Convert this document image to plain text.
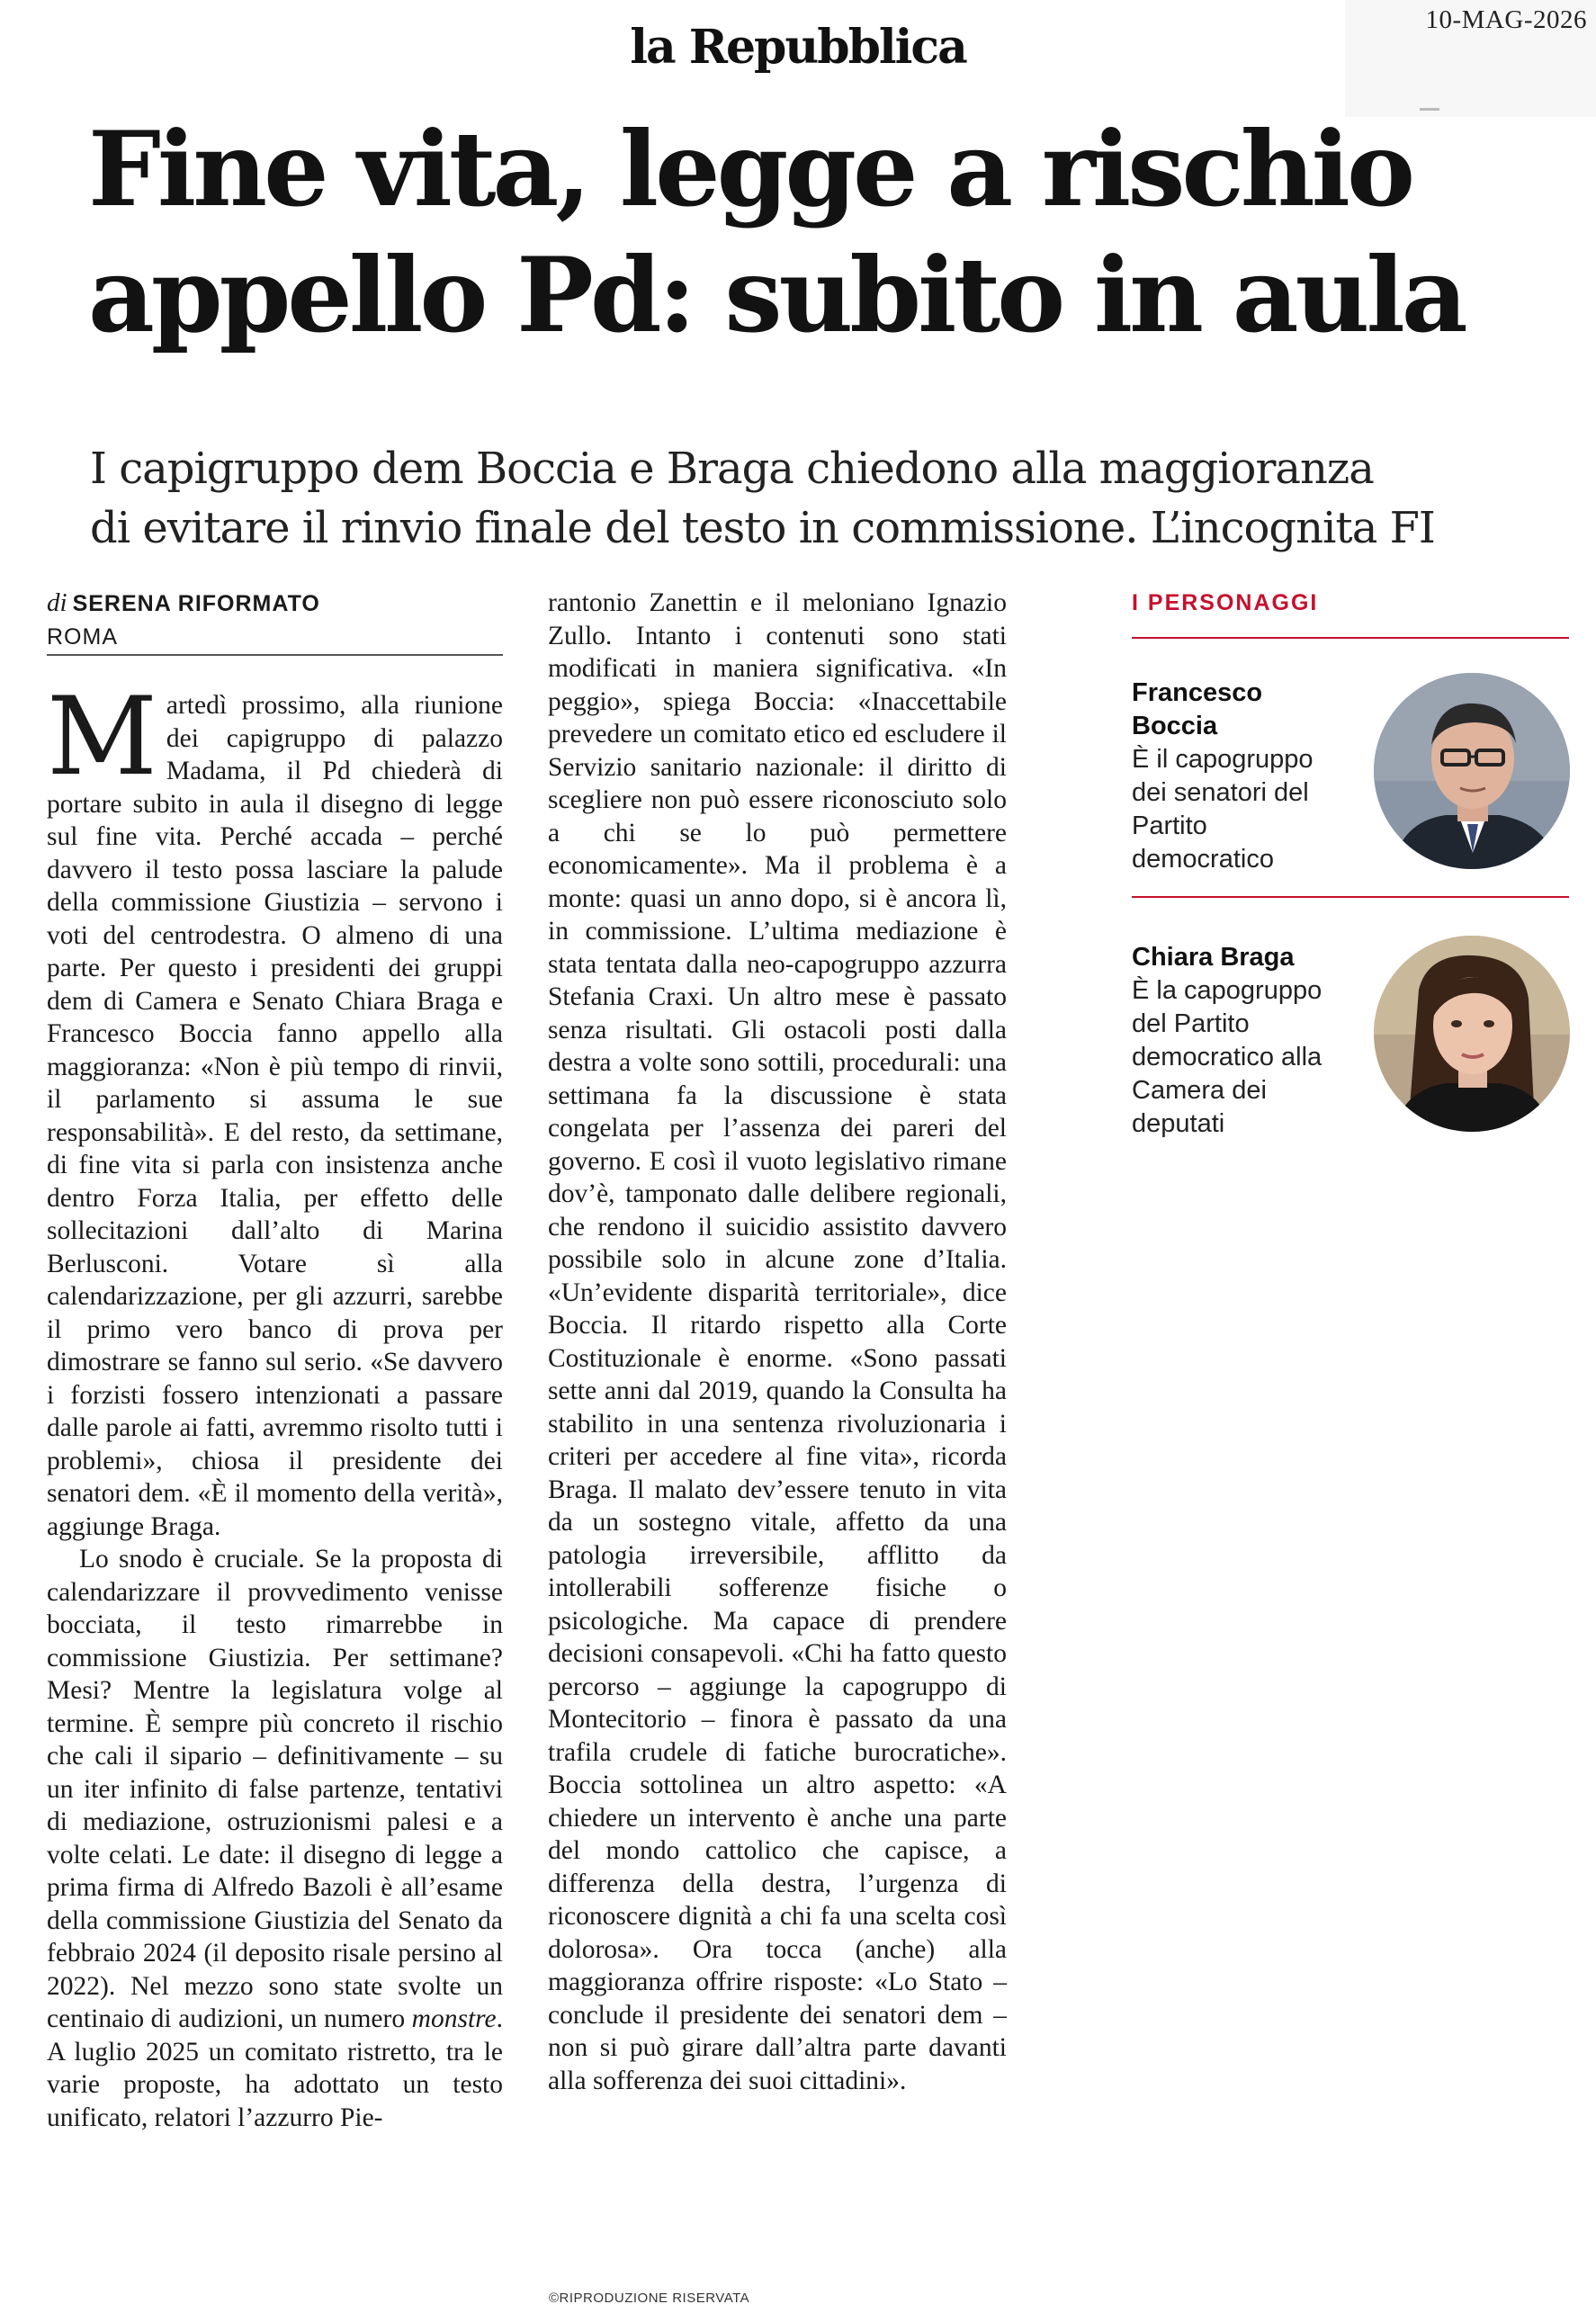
10-MAG-2026
la Repubblica
Fine vita, legge a rischio
appello Pd: subito in aula
I capigruppo dem Boccia e Braga chiedono alla maggioranza
di evitare il rinvio finale del testo in commissione. L’incognita FI
di SERENA RIFORMATO
ROMA

Martedì prossimo, alla riunione dei capigruppo di palazzo Madama, il Pd chiederà di portare subito in aula il disegno di legge sul fine vita. Perché accada – perché davvero il testo possa lasciare la palude della commissione Giustizia – servono i voti del centrodestra. O almeno di una parte. Per questo i presidenti dei gruppi dem di Camera e Senato Chiara Braga e Francesco Boccia fanno appello alla maggioranza: «Non è più tempo di rinvii, il parlamento si assuma le sue responsabilità». E del resto, da settimane, di fine vita si parla con insistenza anche dentro Forza Italia, per effetto delle sollecitazioni dall’alto di Marina Berlusconi. Votare sì alla calendarizzazione, per gli azzurri, sarebbe il primo vero banco di prova per dimostrare se fanno sul serio. «Se davvero i forzisti fossero intenzionati a passare dalle parole ai fatti, avremmo risolto tutti i problemi», chiosa il presidente dei senatori dem. «È il momento della verità», aggiunge Braga.

Lo snodo è cruciale. Se la proposta di calendarizzare il provvedimento venisse bocciata, il testo rimarrebbe in commissione Giustizia. Per settimane? Mesi? Mentre la legislatura volge al termine. È sempre più concreto il rischio che cali il sipario – definitivamente – su un iter infinito di false partenze, tentativi di mediazione, ostruzionismi palesi e a volte celati. Le date: il disegno di legge a prima firma di Alfredo Bazoli è all’esame della commissione Giustizia del Senato da febbraio 2024 (il deposito risale persino al 2022). Nel mezzo sono state svolte un centinaio di audizioni, un numero monstre. A luglio 2025 un comitato ristretto, tra le varie proposte, ha adottato un testo unificato, relatori l’azzurro Pie-

rantonio Zanettin e il meloniano Ignazio Zullo. Intanto i contenuti sono stati modificati in maniera significativa. «In peggio», spiega Boccia: «Inaccettabile prevedere un comitato etico ed escludere il Servizio sanitario nazionale: il diritto di scegliere non può essere riconosciuto solo a chi se lo può permettere economicamente». Ma il problema è a monte: quasi un anno dopo, si è ancora lì, in commissione. L’ultima mediazione è stata tentata dalla neo-capogruppo azzurra Stefania Craxi. Un altro mese è passato senza risultati. Gli ostacoli posti dalla destra a volte sono sottili, procedurali: una settimana fa la discussione è stata congelata per l’assenza dei pareri del governo. E così il vuoto legislativo rimane dov’è, tamponato dalle delibere regionali, che rendono il suicidio assistito davvero possibile solo in alcune zone d’Italia. «Un’evidente disparità territoriale», dice Boccia. Il ritardo rispetto alla Corte Costituzionale è enorme. «Sono passati sette anni dal 2019, quando la Consulta ha stabilito in una sentenza rivoluzionaria i criteri per accedere al fine vita», ricorda Braga. Il malato dev’essere tenuto in vita da un sostegno vitale, affetto da una patologia irreversibile, afflitto da intollerabili sofferenze fisiche o psicologiche. Ma capace di prendere decisioni consapevoli. «Chi ha fatto questo percorso – aggiunge la capogruppo di Montecitorio – finora è passato da una trafila crudele di fatiche burocratiche». Boccia sottolinea un altro aspetto: «A chiedere un intervento è anche una parte del mondo cattolico che capisce, a differenza della destra, l’urgenza di riconoscere dignità a chi fa una scelta così dolorosa». Ora tocca (anche) alla maggioranza offrire risposte: «Lo Stato – conclude il presidente dei senatori dem – non si può girare dall’altra parte davanti alla sofferenza dei suoi cittadini».

I PERSONAGGI
Francesco
Boccia
È il capogruppo
dei senatori del
Partito
democratico
Chiara Braga
È la capogruppo
del Partito
democratico alla
Camera dei
deputati
©RIPRODUZIONE RISERVATA
